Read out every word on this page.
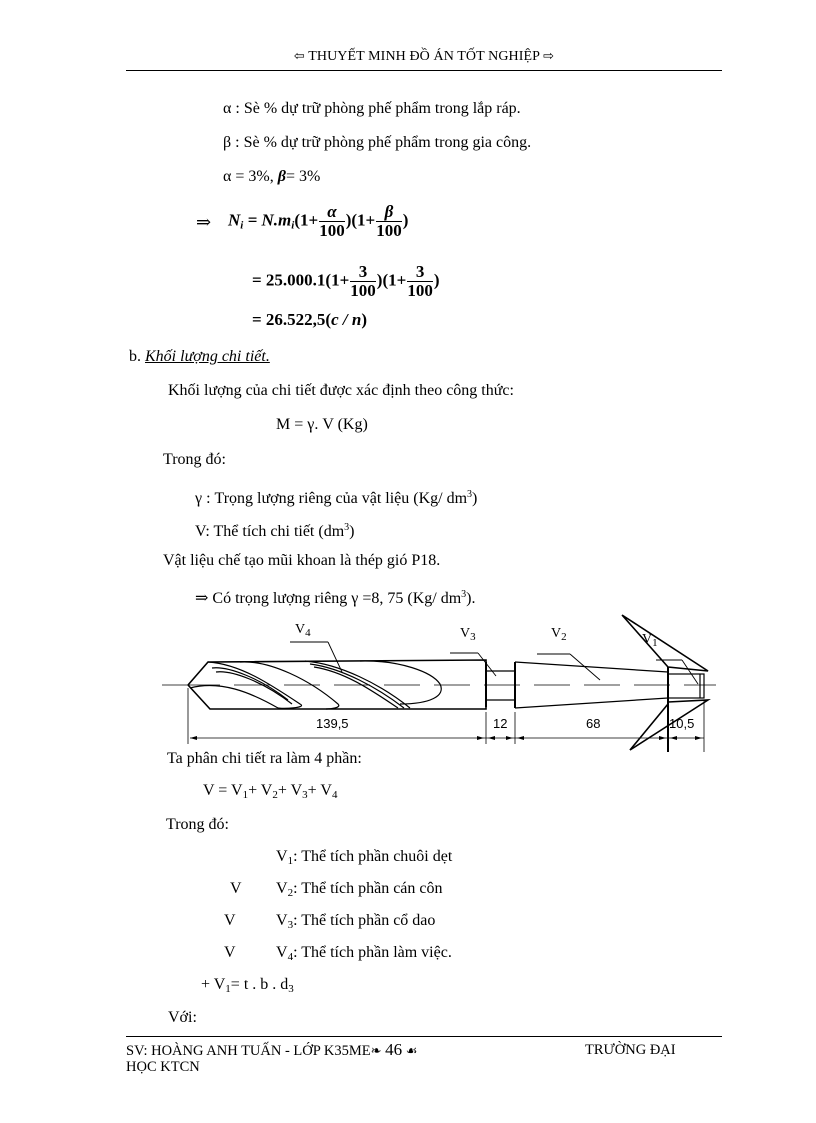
⇦ THUYẾT MINH ĐỒ ÁN TỐT NGHIỆP ⇨
α : Sè % dự trữ phòng phế phẩm trong lắp ráp.
β : Sè % dự trữ phòng phế phẩm trong gia công.
α = 3%, β= 3%
⇒ $N_i = N.m_i(1+ \frac{\alpha}{100} )(1+ \frac{\beta}{100}$ )
= $25.000.1(1+ \frac{3}{100} )(1+ \frac{3}{100}$ )
= 26.522,5(c / n)
b. Khối lượng chi tiết.
Khối lượng của chi tiết được xác định theo công thức:
M = γ. V (Kg)
Trong đó:
γ : Trọng lượng riêng của vật liệu (Kg/ $dm^3$)
V: Thể tích chi tiết $(dm^3)$
Vật liệu chế tạo mũi khoan là thép gió P18.
⇒ Có trọng lượng riêng γ =8, 75 (Kg/ $dm^3$).
$V_4$	$V_3$	$V_2$	$V_1$
139,5	12	68	10,5
Ta phân chi tiết ra làm 4 phần:
$V = V_1+ V_2+ V_3+ V_4$
Trong đó:
$V_1$: Thể tích phần chuôi dẹt
V $V_2$: Thể tích phần cán côn
V	$V_3$: Thể tích phần cổ dao
V	$V_4$: Thể tích phần làm việc.
+ $V_1= t$ . b . $d_3$
Với:
SV: HOÀNG ANH TUẤN - LỚP K35ME❧ 46 ☙	TRƯỜNG ĐẠI
HỌC KTCN
